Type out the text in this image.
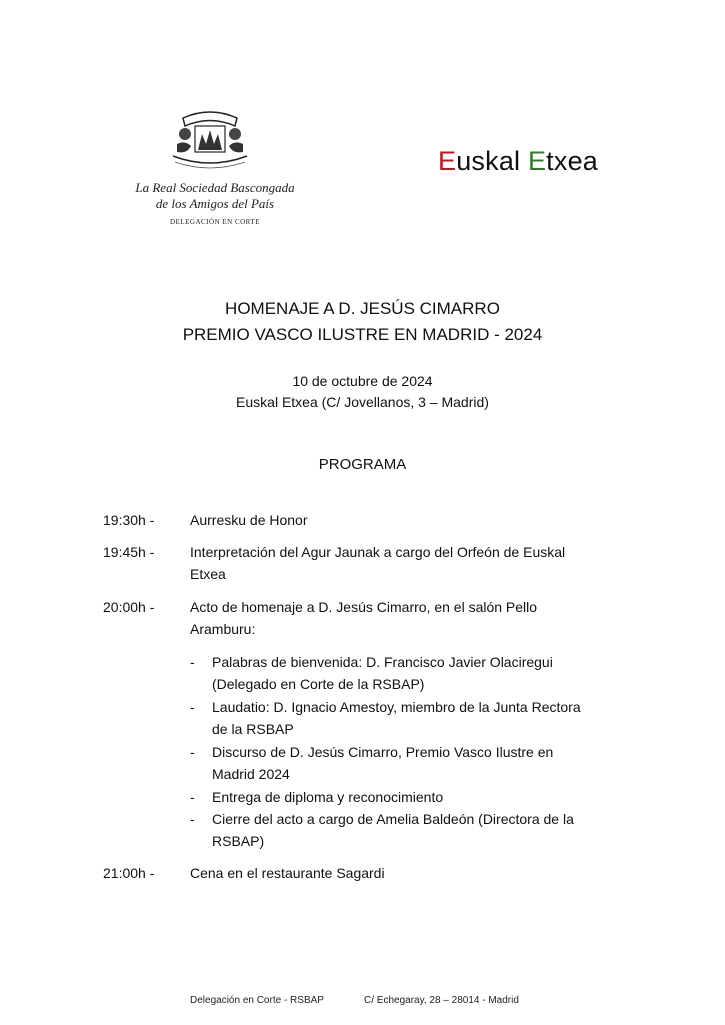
La Real Sociedad Bascongada
de los Amigos del País
DELEGACIÓN EN CORTE
Euskal Etxea
HOMENAJE A D. JESÚS CIMARRO
PREMIO VASCO ILUSTRE EN MADRID - 2024
10 de octubre de 2024
Euskal Etxea (C/ Jovellanos, 3 – Madrid)
PROGRAMA
19:30h -	Aurresku de Honor
19:45h -	Interpretación del Agur Jaunak a cargo del Orfeón de Euskal
Etxea
20:00h -	Acto de homenaje a D. Jesús Cimarro, en el salón Pello
Aramburu:
- Palabras de bienvenida: D. Francisco Javier Olaciregui
(Delegado en Corte de la RSBAP)
- Laudatio: D. Ignacio Amestoy, miembro de la Junta Rectora
de la RSBAP
- Discurso de D. Jesús Cimarro, Premio Vasco Ilustre en
Madrid 2024
- Entrega de diploma y reconocimiento
- Cierre del acto a cargo de Amelia Baldeón (Directora de la
RSBAP)
21:00h -	Cena en el restaurante Sagardi
Delegación en Corte - RSBAP	C/ Echegaray, 28 – 28014 - Madrid
